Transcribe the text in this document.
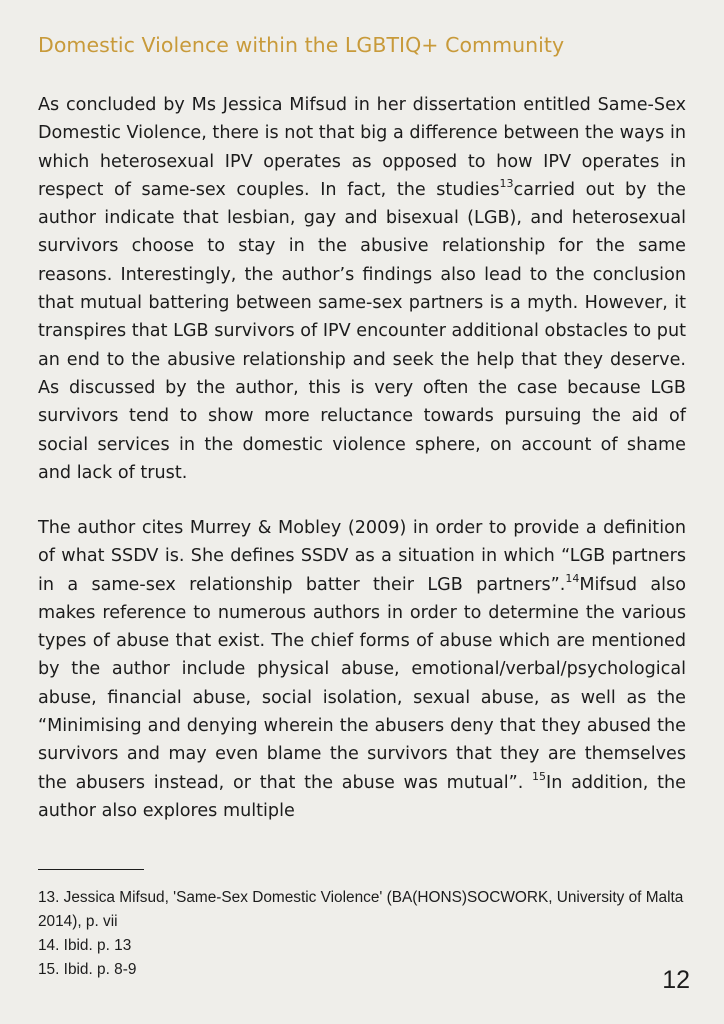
Domestic Violence within the LGBTIQ+ Community

As concluded by Ms Jessica Mifsud in her dissertation entitled Same-Sex Domestic Violence, there is not that big a difference between the ways in which heterosexual IPV operates as opposed to how IPV operates in respect of same-sex couples. In fact, the studies$^{13}$carried out by the author indicate that lesbian, gay and bisexual (LGB), and heterosexual survivors choose to stay in the abusive relationship for the same reasons. Interestingly, the author’s findings also lead to the conclusion that mutual battering between same-sex partners is a myth. However, it transpires that LGB survivors of IPV encounter additional obstacles to put an end to the abusive relationship and seek the help that they deserve. As discussed by the author, this is very often the case because LGB survivors tend to show more reluctance towards pursuing the aid of social services in the domestic violence sphere, on account of shame and lack of trust.

The author cites Murrey & Mobley (2009) in order to provide a definition of what SSDV is. She defines SSDV as a situation in which “LGB partners in a same-sex relationship batter their LGB partners”.$^{14}$Mifsud also makes reference to numerous authors in order to determine the various types of abuse that exist. The chief forms of abuse which are mentioned by the author include physical abuse, emotional/verbal/psychological abuse, financial abuse, social isolation, sexual abuse, as well as the “Minimising and denying wherein the abusers deny that they abused the survivors and may even blame the survivors that they are themselves the abusers instead, or that the abuse was mutual”. $^{15}$In addition, the author also explores multiple

13. Jessica Mifsud, 'Same-Sex Domestic Violence' (BA(HONS)SOCWORK, University of Malta 2014), p. vii
14. Ibid. p. 13
15. Ibid. p. 8-9	12
